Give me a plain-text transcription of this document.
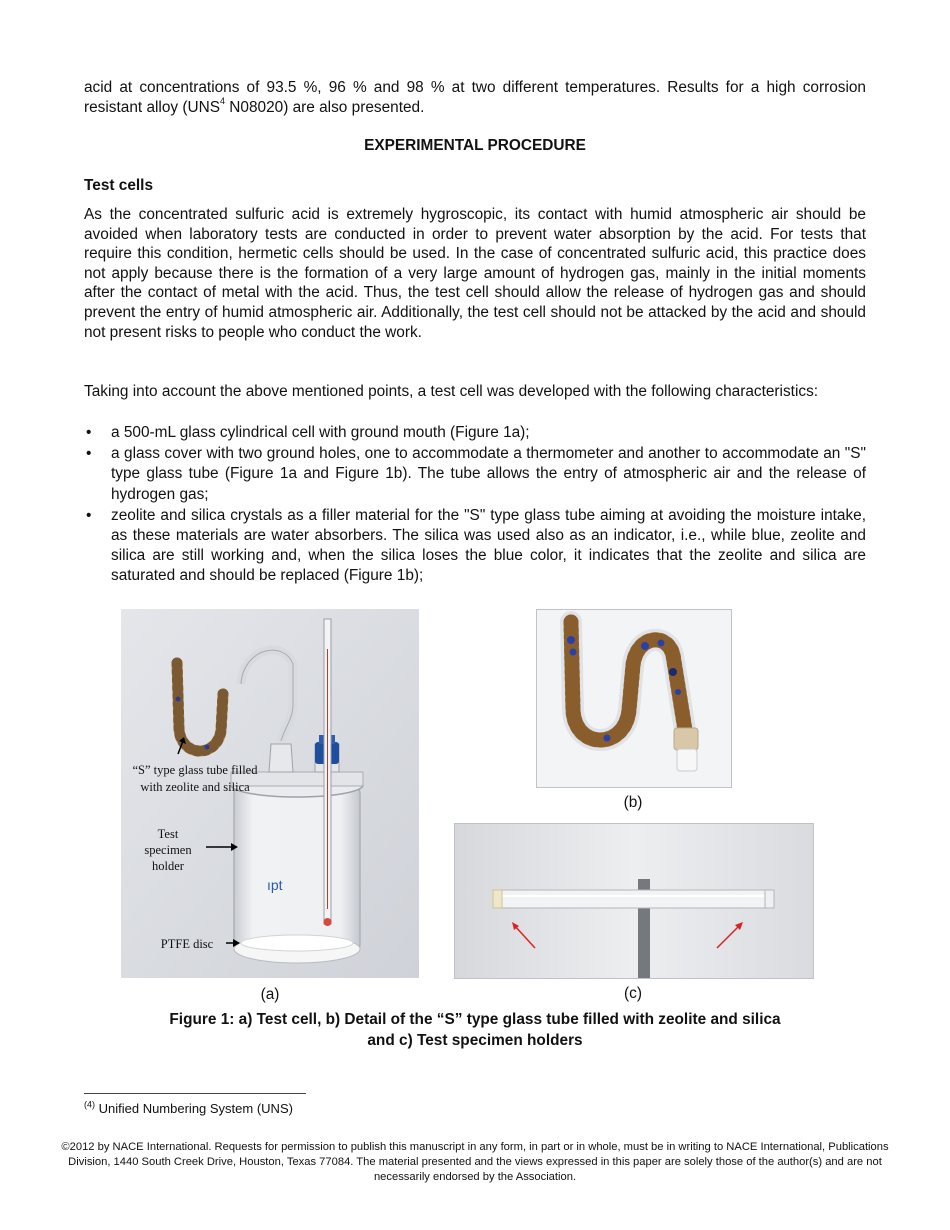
acid at concentrations of 93.5 %, 96 % and 98 % at two different temperatures. Results for a high corrosion resistant alloy (UNS$^4$ N08020) are also presented.

EXPERIMENTAL PROCEDURE
Test cells

As the concentrated sulfuric acid is extremely hygroscopic, its contact with humid atmospheric air should be avoided when laboratory tests are conducted in order to prevent water absorption by the acid. For tests that require this condition, hermetic cells should be used. In the case of concentrated sulfuric acid, this practice does not apply because there is the formation of a very large amount of hydrogen gas, mainly in the initial moments after the contact of metal with the acid. Thus, the test cell should allow the release of hydrogen gas and should prevent the entry of humid atmospheric air. Additionally, the test cell should not be attacked by the acid and should not present risks to people who conduct the work.

Taking into account the above mentioned points, a test cell was developed with the following characteristics:

• a 500-mL glass cylindrical cell with ground mouth (Figure 1a);
• a glass cover with two ground holes, one to accommodate a thermometer and another to accommodate an "S" type glass tube (Figure 1a and Figure 1b). The tube allows the entry of atmospheric air and the release of hydrogen gas;
• zeolite and silica crystals as a filler material for the "S" type glass tube aiming at avoiding the moisture intake, as these materials are water absorbers. The silica was used also as an indicator, i.e., while blue, zeolite and silica are still working and, when the silica loses the blue color, it indicates that the zeolite and silica are saturated and should be replaced (Figure 1b);
ıpt
“S” type glass tube filled
with zeolite and silica
Test
specimen
holder
PTFE disc

(a)

(b)

(c)

Figure 1: a) Test cell, b) Detail of the “S” type glass tube filled with zeolite and silica
and c) Test specimen holders

$^{(4)}$ Unified Numbering System (UNS)

©2012 by NACE International. Requests for permission to publish this manuscript in any form, in part or in whole, must be in writing to NACE International, Publications Division, 1440 South Creek Drive, Houston, Texas 77084. The material presented and the views expressed in this paper are solely those of the author(s) and are not necessarily endorsed by the Association.
